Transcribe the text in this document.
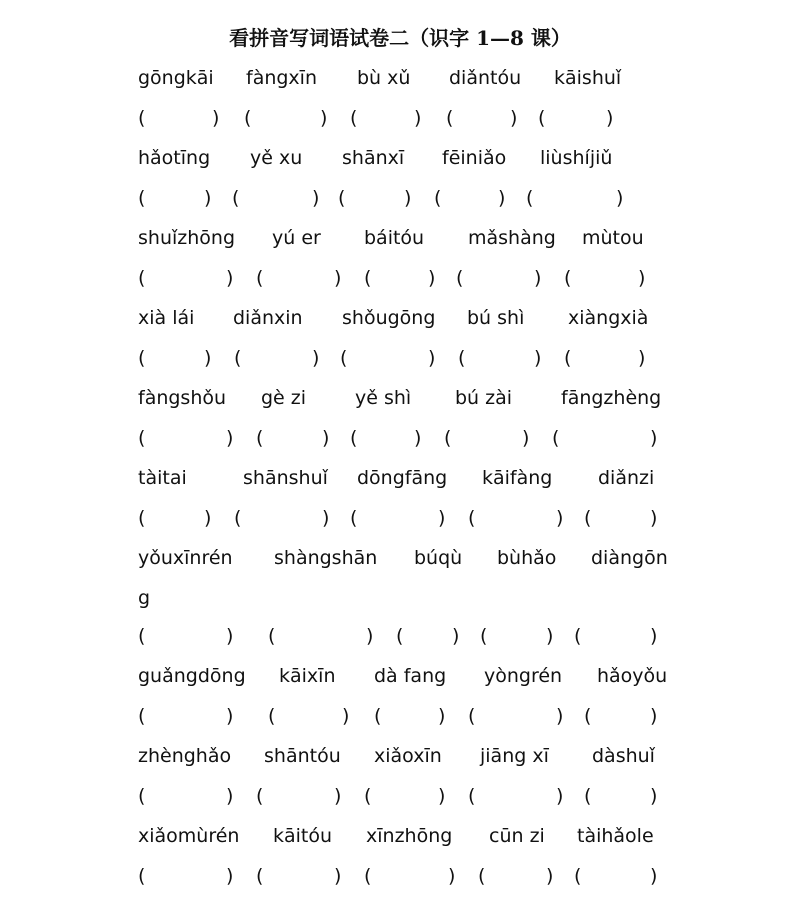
看拼音写词语试卷二（识字 1—8 课）
gōngkāi fàngxīn bù xǔ diǎntóu kāishuǐ
(	) (	) (	) (	) (	)
hǎotīng yě xu shānxī fēiniǎo liùshíjiǔ
(	) (	) (	) (	) (	)
shuǐzhōng yú er báitóu mǎshàng mùtou
(	) (	) (	) (	) (	)
xià lái diǎnxin shǒugōng bú shì xiàngxià
(	) (	) (	) (	) (	)
fàngshǒu gè zi	yě shì bú zài	fāngzhèng
(	) (	) (	) (	) (	)
tàitai	shānshuǐ dōngfāng kāifàng diǎnzi
(	) (	) (	) (	) (	)
yǒuxīnrén shàngshān búqù bùhǎo diàngōn
g
(	) (	) (	) (	) (	)
guǎngdōng kāixīn dà fang yòngrén hǎoyǒu
(	) (	) (	) (	) (	)
zhènghǎo shāntóu xiǎoxīn jiāng xī dàshuǐ
(	) (	) (	) (	) (	)
xiǎomùrén kāitóu xīnzhōng cūn zi tàihǎole
(	) (	) (	) (	) (	)
